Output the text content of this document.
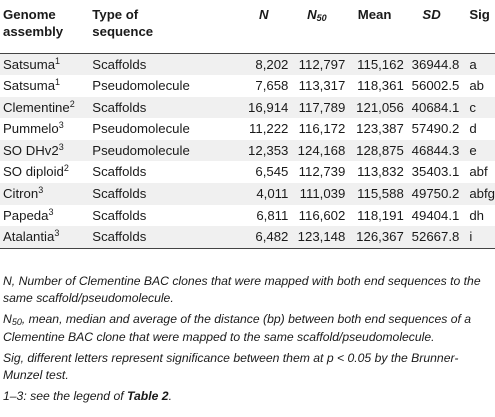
Genome
assembly	Type of
sequence	N	$N_{50}$	Mean	SD	Sig
Satsuma$^1$	Scaffolds	8,202	112,797	115,162	36944.8	a
Satsuma$^1$	Pseudomolecule	7,658	113,317	118,361	56002.5	ab
Clementine$^2$	Scaffolds	16,914	117,789	121,056	40684.1	c
Pummelo$^3$	Pseudomolecule	11,222	116,172	123,387	57490.2	d
SO $DHv2^3$	Pseudomolecule	12,353	124,168	128,875	46844.3	e
SO diploid$^2$	Scaffolds	6,545	112,739	113,832	35403.1	abf
Citron$^3$	Scaffolds	4,011	111,039	115,588	49750.2	abfg
Papeda$^3$	Scaffolds	6,811	116,602	118,191	49404.1	dh
Atalantia$^3$	Scaffolds	6,482	123,148	126,367	52667.8	i

N, Number of Clementine BAC clones that were mapped with both end sequences to the same scaffold/pseudomolecule.

$N_{50}$, mean, median and average of the distance (bp) between both end sequences of a Clementine BAC clone that were mapped to the same scaffold/pseudomolecule.

Sig, different letters represent significance between them at p < 0.05 by the Brunner-Munzel test.

1–3: see the legend of Table 2.
